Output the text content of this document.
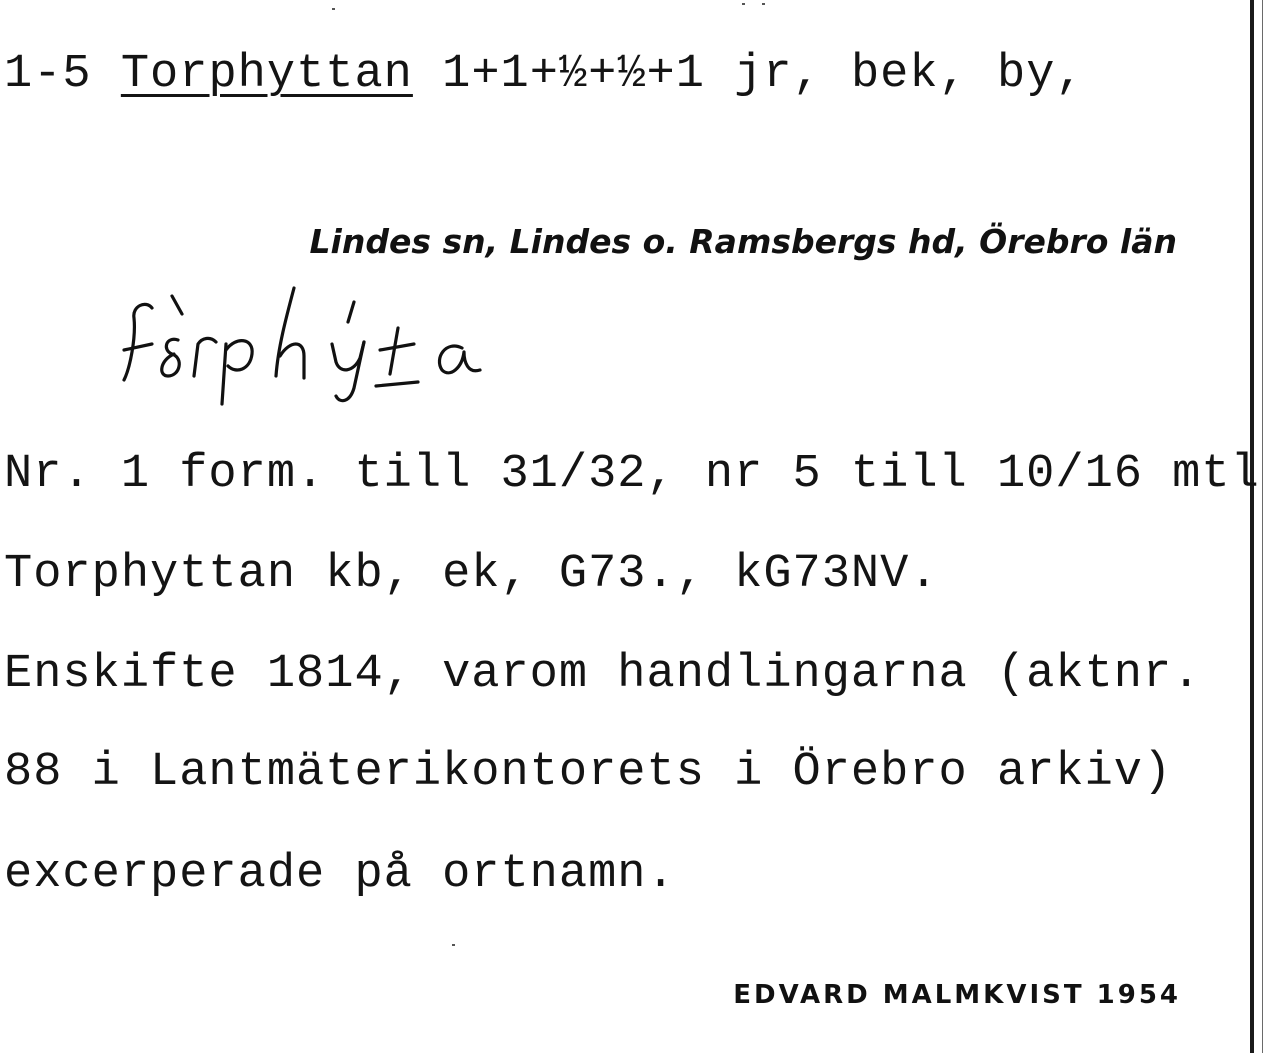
1-5 Torphyttan 1+1+½+½+1 jr, bek, by,
Lindes sn, Lindes o. Ramsbergs hd, Örebro län
Nr. 1 form. till 31/32, nr 5 till 10/16 mtl
Torphyttan kb, ek, G73., kG73NV.
Enskifte 1814, varom handlingarna (aktnr.
88 i Lantmäterikontorets i Örebro arkiv)
excerperade på ortnamn.
EDVARD MALMKVIST 1954
